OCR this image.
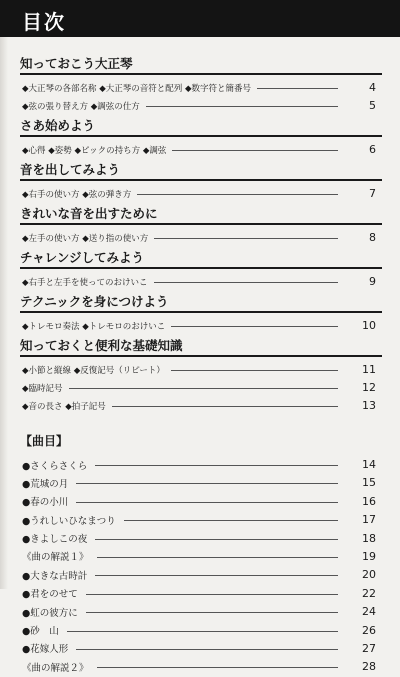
目次
知っておこう大正琴
◆大正琴の各部名称 ◆大正琴の音符と配列 ◆数字符と簡番号	4
◆弦の張り替え方 ◆調弦の仕方	5
さあ始めよう
◆心得 ◆姿勢 ◆ピックの持ち方 ◆調弦	6
音を出してみよう
◆右手の使い方 ◆弦の弾き方	7
きれいな音を出すために
◆左手の使い方 ◆送り指の使い方	8
チャレンジしてみよう
◆右手と左手を使ってのおけいこ	9
テクニックを身につけよう
◆トレモロ奏法 ◆トレモロのおけいこ	10
知っておくと便利な基礎知識
◆小節と縦線 ◆反復記号（リピート）	11
◆臨時記号	12
◆音の長さ ◆拍子記号	13
【曲目】
●さくらさくら	14
●荒城の月	15
●春の小川	16
●うれしいひなまつり	17
●きよしこの夜	18
《曲の解説１》	19
●大きな古時計	20
●君をのせて	22
●虹の彼方に	24
●砂　山	26
●花嫁人形	27
《曲の解説２》	28
